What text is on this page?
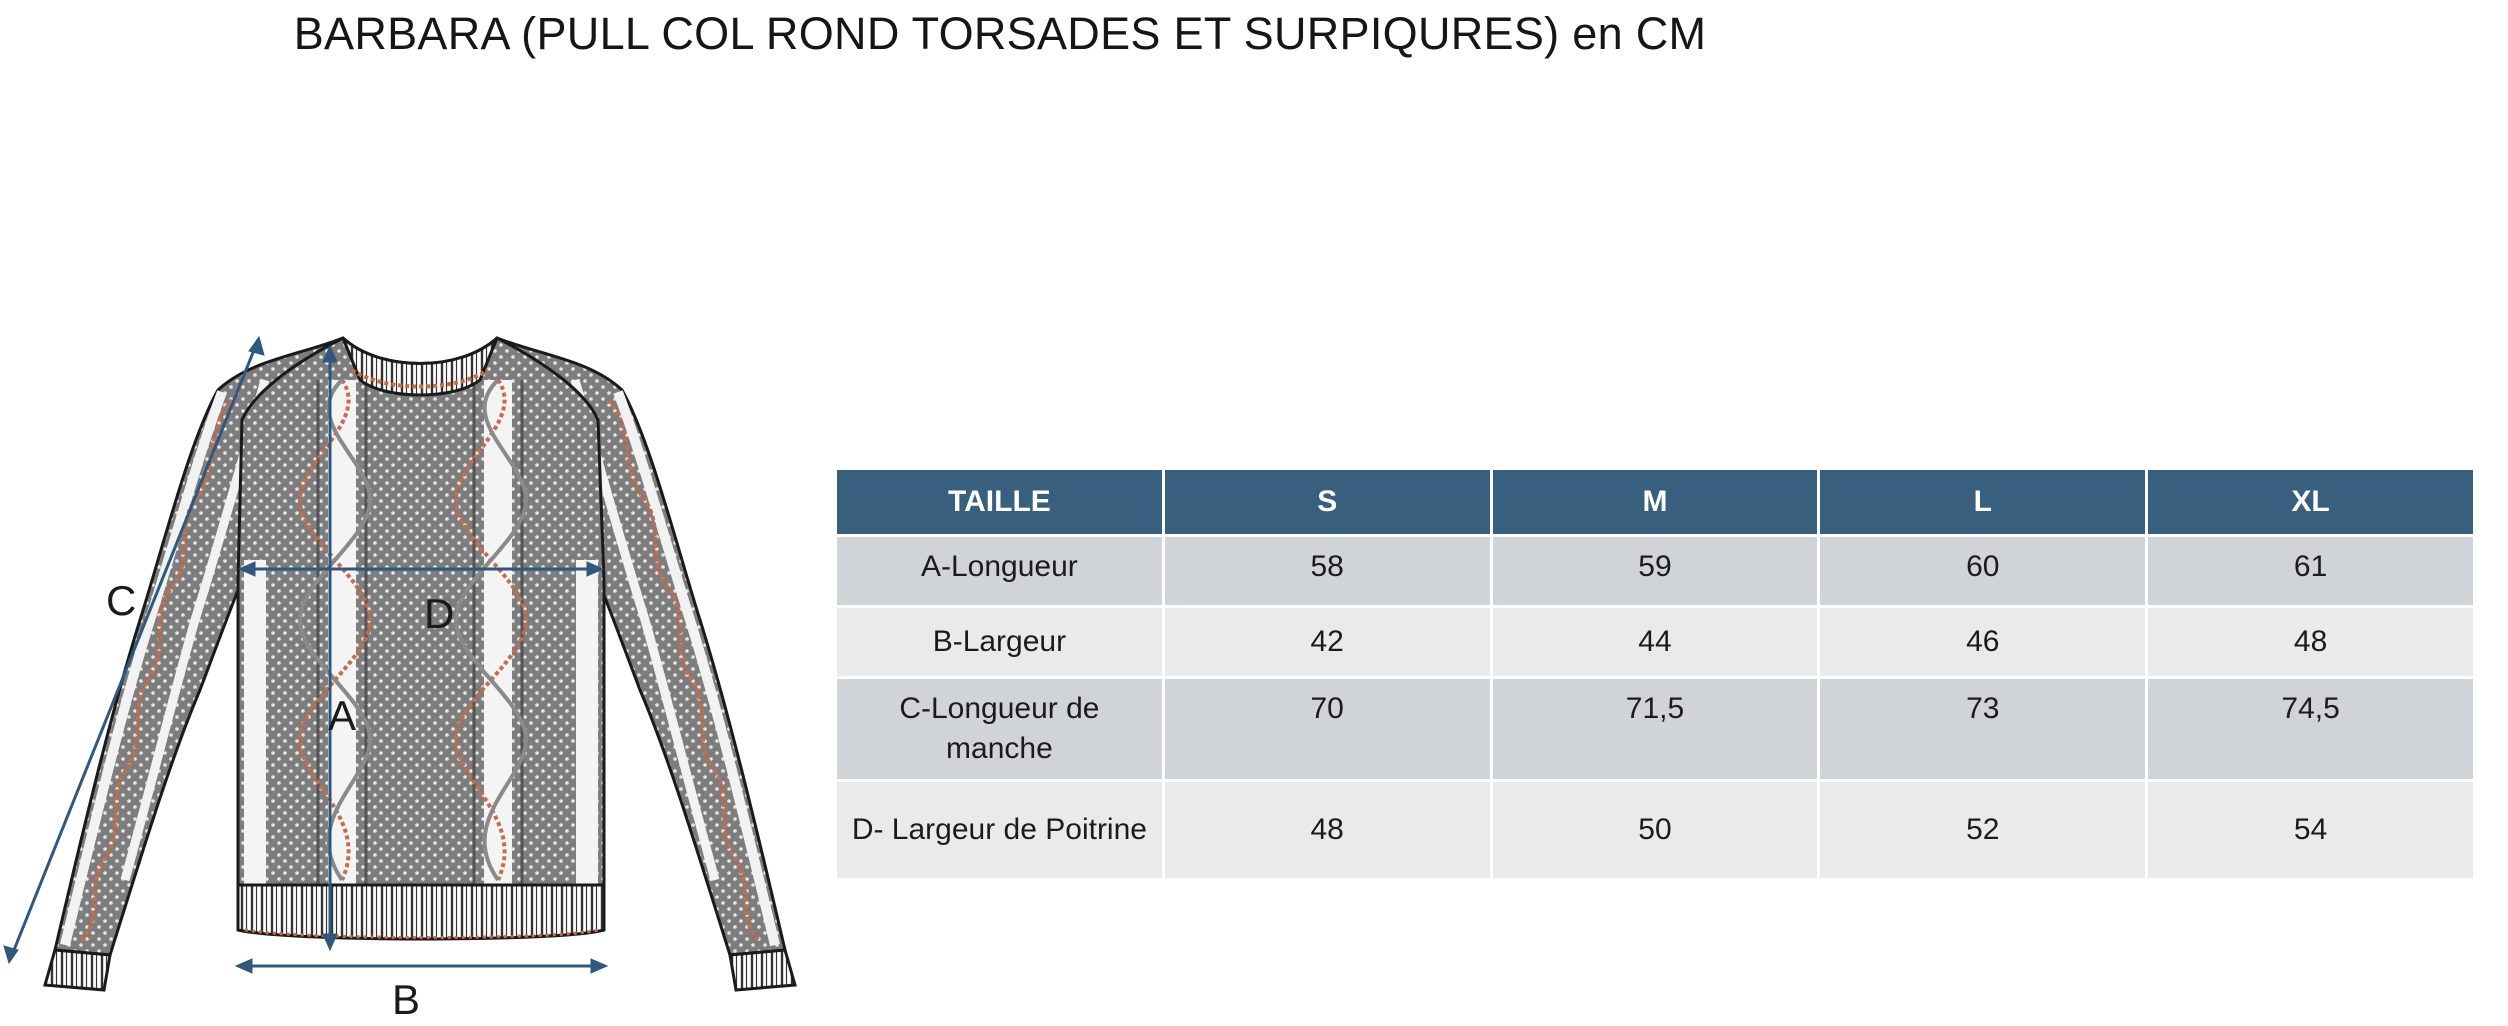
BARBARA (PULL COL ROND TORSADES ET SURPIQURES) en CM
C	D
A
B
TAILLE	S	M	L	XL
A-Longueur	58	59	60	61
B-Largeur	42	44	46	48
C-Longueur de manche	70	71,5	73	74,5
D- Largeur de Poitrine	48	50	52	54
